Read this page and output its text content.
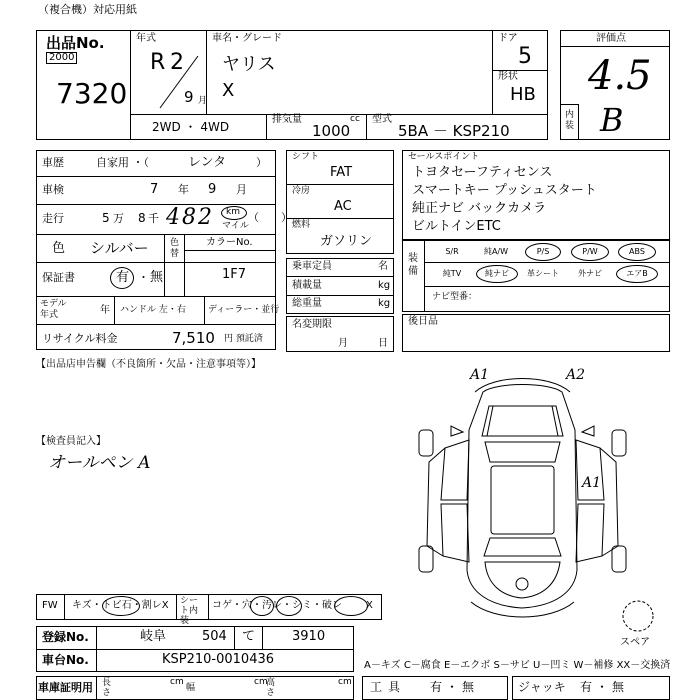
（複合機）対応用紙
出品No.
2000
7320
年式
R 2
9 月
車名・グレード
ヤリス
X
ドア
5
形状
HB
2WD ・ 4WD
排気量	cc
1000
型式
5BA － KSP210
評価点
4.5
内装 B
車歴	自家用 ・（	レンタ	）
車検	7 年 9 月
走行	5 万 8 千 482 km
マイル
（　　）
色 シルバー 色替
カラーNo.
1F7
保証書	有 ・ 無
モデル
年式	年 ハンドル 左・右 ディーラー・並行
リサイクル料金	7,510 円 預託済
シフト
FAT
冷房
AC
燃料
ガソリン
乗車定員	名
積載量	kg
総重量	kg
名変期限
月	日
セールスポイント
トヨタセーフティセンス
スマートキー プッシュスタート
純正ナビ バックカメラ
ビルトインETC
装備
S/R	純A/W	P/S	P/W	ABS
純TV	純ナビ	革シート	外ナビ	エアB
ナビ型番：
後日品
【出品店申告欄（不良箇所・欠品・注意事項等）】
【検査員記入】
オールペン A
A1	A2
A1
スペア
FW キズ・トビ石・割レX シート内装
コゲ・穴・汚レ・シミ・破レ X
登録No.	岐阜	504 て	3910
車台No.	KSP210-0010436
車庫証明用 長さ
cm
幅
cm
高さ
cm
A－キズ C－腐食 E－エクボ S－サビ U－凹ミ W－補修 XX－交換済
工具 有・無	ジャッキ 有・無
